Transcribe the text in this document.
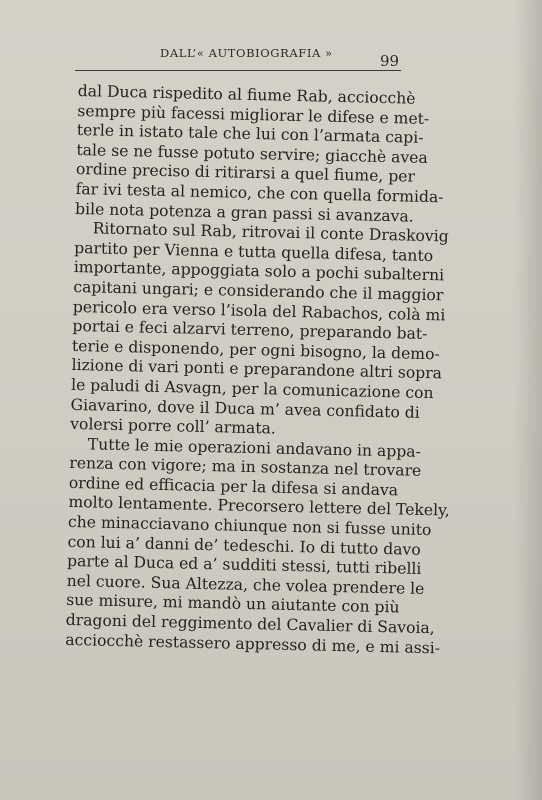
DALL’« AUTOBIOGRAFIA »	99
dal Duca rispedito al fiume Rab, acciocchè
sempre più facessi migliorar le difese e met-
terle in istato tale che lui con l’armata capi-
tale se ne fusse potuto servire; giacchè avea
ordine preciso di ritirarsi a quel fiume, per
far ivi testa al nemico, che con quella formida-
bile nota potenza a gran passi si avanzava.
Ritornato sul Rab, ritrovai il conte Draskovig
partito per Vienna e tutta quella difesa, tanto
importante, appoggiata solo a pochi subalterni
capitani ungari; e considerando che il maggior
pericolo era verso l’isola del Rabachos, colà mi
portai e feci alzarvi terreno, preparando bat-
terie e disponendo, per ogni bisogno, la demo-
lizione di vari ponti e preparandone altri sopra
le paludi di Asvagn, per la comunicazione con
Giavarino, dove il Duca m’ avea confidato di
volersi porre coll’ armata.
Tutte le mie operazioni andavano in appa-
renza con vigore; ma in sostanza nel trovare
ordine ed efficacia per la difesa si andava
molto lentamente. Precorsero lettere del Tekely,
che minacciavano chiunque non si fusse unito
con lui a’ danni de’ tedeschi. Io di tutto davo
parte al Duca ed a’ sudditi stessi, tutti ribelli
nel cuore. Sua Altezza, che volea prendere le
sue misure, mi mandò un aiutante con più
dragoni del reggimento del Cavalier di Savoia,
acciocchè restassero appresso di me, e mi assi-
